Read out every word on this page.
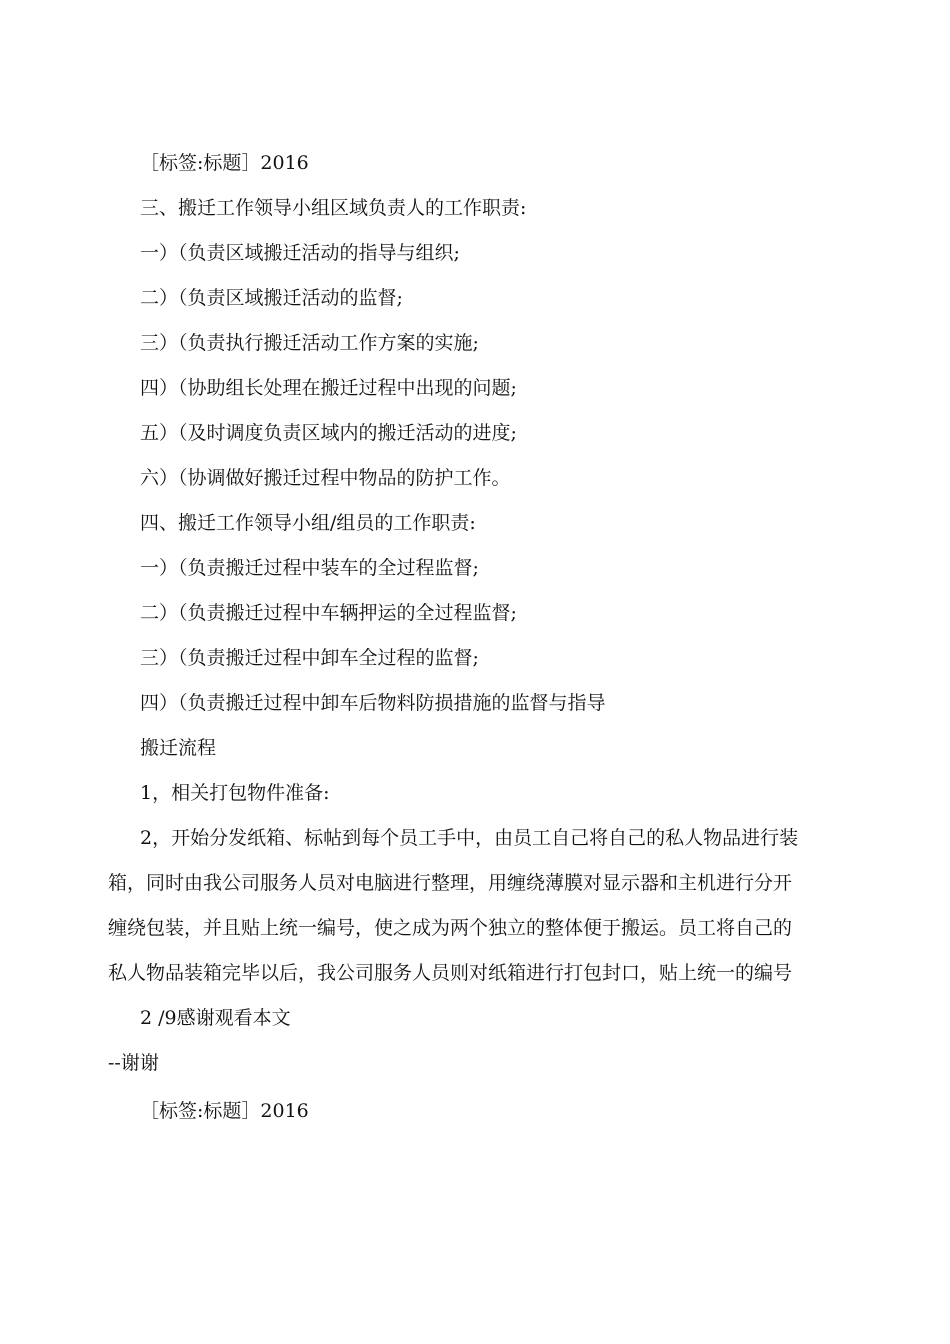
［标签:标题］2016
三、搬迁工作领导小组区域负责人的工作职责:
一）（负责区域搬迁活动的指导与组织;
二）（负责区域搬迁活动的监督;
三）（负责执行搬迁活动工作方案的实施;
四）（协助组长处理在搬迁过程中出现的问题;
五）（及时调度负责区域内的搬迁活动的进度;
六）（协调做好搬迁过程中物品的防护工作。
四、搬迁工作领导小组/组员的工作职责:
一）（负责搬迁过程中装车的全过程监督;
二）（负责搬迁过程中车辆押运的全过程监督;
三）（负责搬迁过程中卸车全过程的监督;
四）（负责搬迁过程中卸车后物料防损措施的监督与指导
搬迁流程
1，相关打包物件准备:
2，开始分发纸箱、标帖到每个员工手中，由员工自己将自己的私人物品进行装
箱，同时由我公司服务人员对电脑进行整理，用缠绕薄膜对显示器和主机进行分开
缠绕包装，并且贴上统一编号，使之成为两个独立的整体便于搬运。员工将自己的
私人物品装箱完毕以后，我公司服务人员则对纸箱进行打包封口，贴上统一的编号
2 /9感谢观看本文
--谢谢
［标签:标题］2016
